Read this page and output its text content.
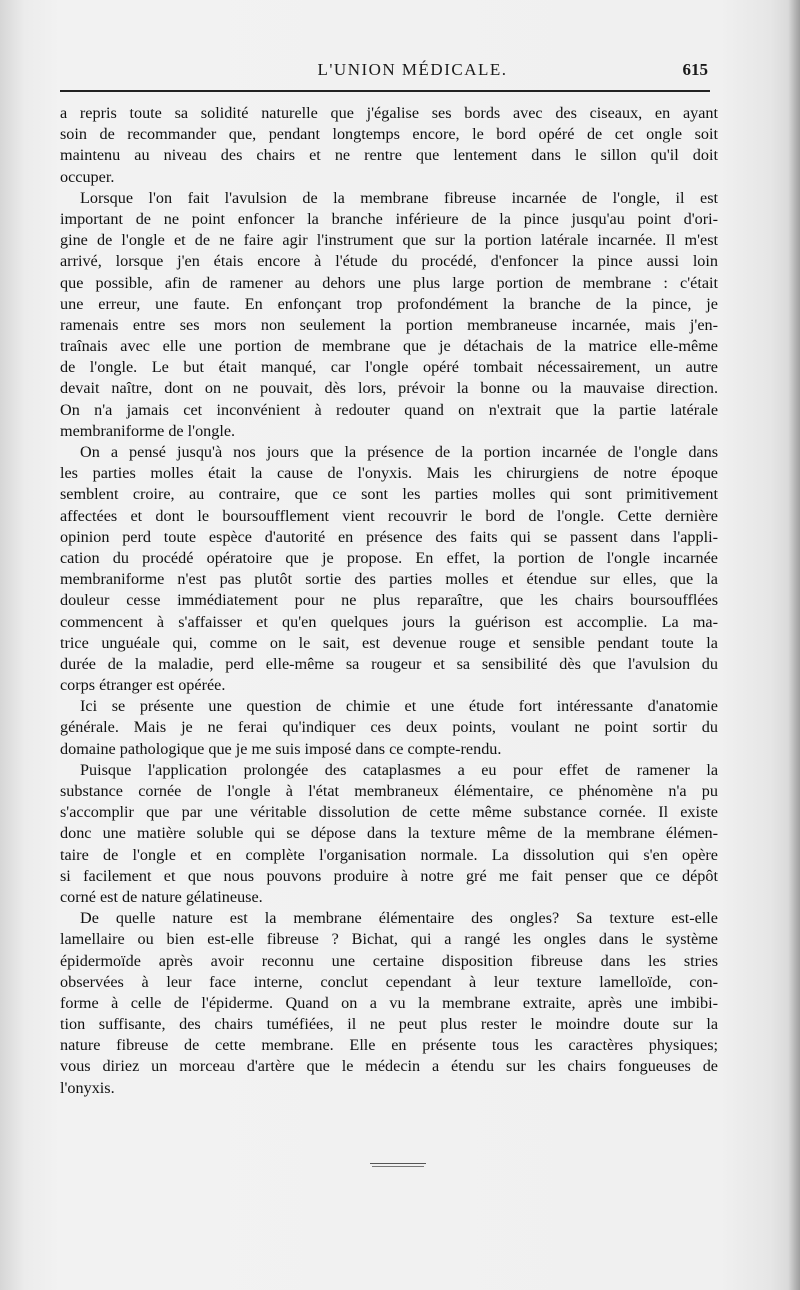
L'UNION MÉDICALE.	615
a repris toute sa solidité naturelle que j'égalise ses bords avec des ciseaux, en ayant
soin de recommander que, pendant longtemps encore, le bord opéré de cet ongle soit
maintenu au niveau des chairs et ne rentre que lentement dans le sillon qu'il doit
occuper.
Lorsque l'on fait l'avulsion de la membrane fibreuse incarnée de l'ongle, il est
important de ne point enfoncer la branche inférieure de la pince jusqu'au point d'ori-
gine de l'ongle et de ne faire agir l'instrument que sur la portion latérale incarnée. Il m'est
arrivé, lorsque j'en étais encore à l'étude du procédé, d'enfoncer la pince aussi loin
que possible, afin de ramener au dehors une plus large portion de membrane : c'était
une erreur, une faute. En enfonçant trop profondément la branche de la pince, je
ramenais entre ses mors non seulement la portion membraneuse incarnée, mais j'en-
traînais avec elle une portion de membrane que je détachais de la matrice elle-même
de l'ongle. Le but était manqué, car l'ongle opéré tombait nécessairement, un autre
devait naître, dont on ne pouvait, dès lors, prévoir la bonne ou la mauvaise direction.
On n'a jamais cet inconvénient à redouter quand on n'extrait que la partie latérale
membraniforme de l'ongle.
On a pensé jusqu'à nos jours que la présence de la portion incarnée de l'ongle dans
les parties molles était la cause de l'onyxis. Mais les chirurgiens de notre époque
semblent croire, au contraire, que ce sont les parties molles qui sont primitivement
affectées et dont le boursoufflement vient recouvrir le bord de l'ongle. Cette dernière
opinion perd toute espèce d'autorité en présence des faits qui se passent dans l'appli-
cation du procédé opératoire que je propose. En effet, la portion de l'ongle incarnée
membraniforme n'est pas plutôt sortie des parties molles et étendue sur elles, que la
douleur cesse immédiatement pour ne plus reparaître, que les chairs boursoufflées
commencent à s'affaisser et qu'en quelques jours la guérison est accomplie. La ma-
trice unguéale qui, comme on le sait, est devenue rouge et sensible pendant toute la
durée de la maladie, perd elle-même sa rougeur et sa sensibilité dès que l'avulsion du
corps étranger est opérée.
Ici se présente une question de chimie et une étude fort intéressante d'anatomie
générale. Mais je ne ferai qu'indiquer ces deux points, voulant ne point sortir du
domaine pathologique que je me suis imposé dans ce compte-rendu.
Puisque l'application prolongée des cataplasmes a eu pour effet de ramener la
substance cornée de l'ongle à l'état membraneux élémentaire, ce phénomène n'a pu
s'accomplir que par une véritable dissolution de cette même substance cornée. Il existe
donc une matière soluble qui se dépose dans la texture même de la membrane élémen-
taire de l'ongle et en complète l'organisation normale. La dissolution qui s'en opère
si facilement et que nous pouvons produire à notre gré me fait penser que ce dépôt
corné est de nature gélatineuse.
De quelle nature est la membrane élémentaire des ongles? Sa texture est-elle
lamellaire ou bien est-elle fibreuse ? Bichat, qui a rangé les ongles dans le système
épidermoïde après avoir reconnu une certaine disposition fibreuse dans les stries
observées à leur face interne, conclut cependant à leur texture lamelloïde, con-
forme à celle de l'épiderme. Quand on a vu la membrane extraite, après une imbibi-
tion suffisante, des chairs tuméfiées, il ne peut plus rester le moindre doute sur la
nature fibreuse de cette membrane. Elle en présente tous les caractères physiques;
vous diriez un morceau d'artère que le médecin a étendu sur les chairs fongueuses de
l'onyxis.
